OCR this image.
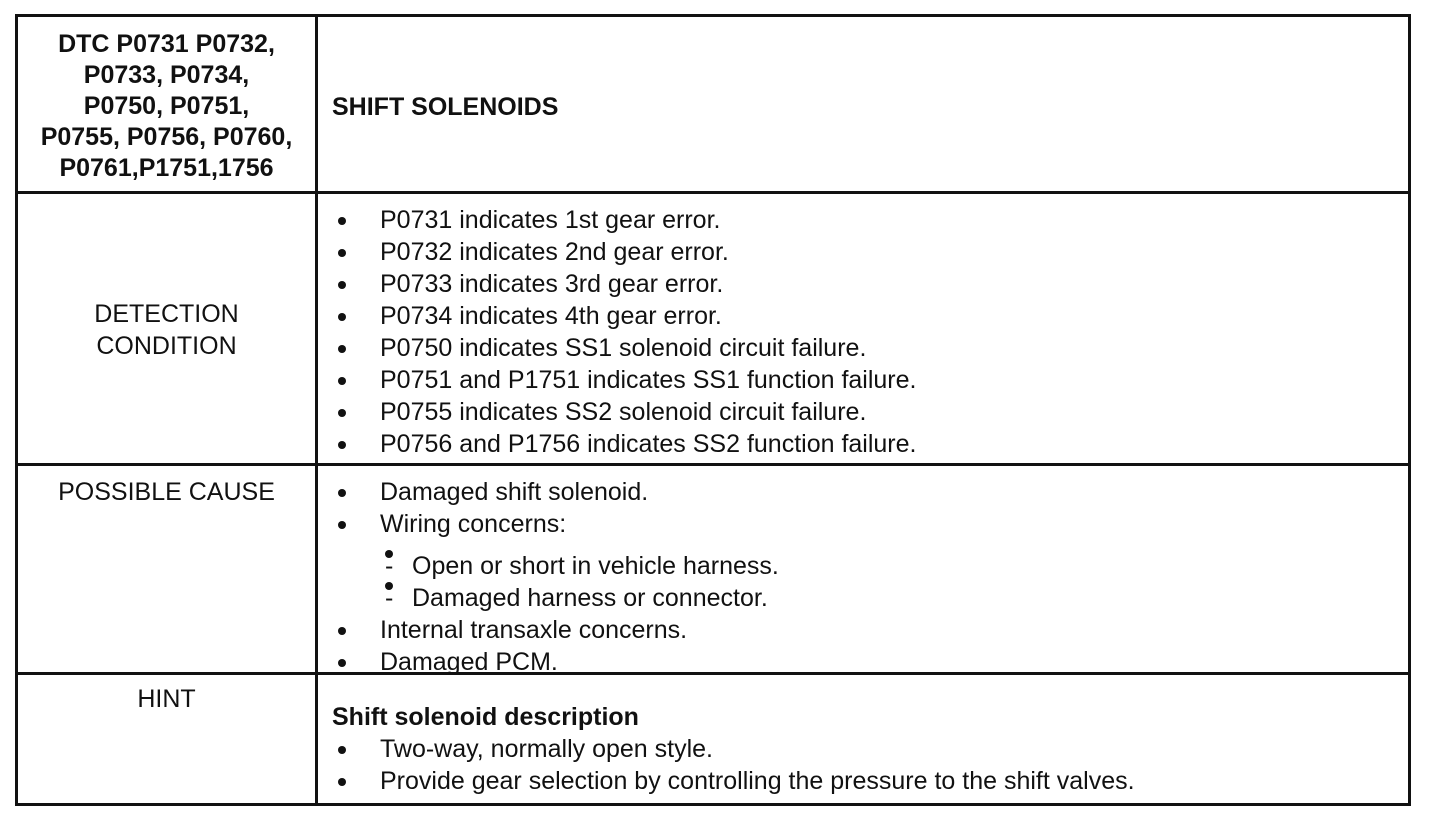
DTC P0731 P0732,
P0733, P0734,
P0750, P0751,
P0755, P0756, P0760,
P0761,P1751,1756
SHIFT SOLENOIDS
DETECTION
CONDITION
P0731 indicates 1st gear error.
P0732 indicates 2nd gear error.
P0733 indicates 3rd gear error.
P0734 indicates 4th gear error.
P0750 indicates SS1 solenoid circuit failure.
P0751 and P1751 indicates SS1 function failure.
P0755 indicates SS2 solenoid circuit failure.
P0756 and P1756 indicates SS2 function failure.
POSSIBLE CAUSE	Damaged shift solenoid.
Wiring concerns:
- Open or short in vehicle harness.
- Damaged harness or connector.
Internal transaxle concerns.
Damaged PCM.
HINT
Shift solenoid description
Two-way, normally open style.
Provide gear selection by controlling the pressure to the shift valves.
